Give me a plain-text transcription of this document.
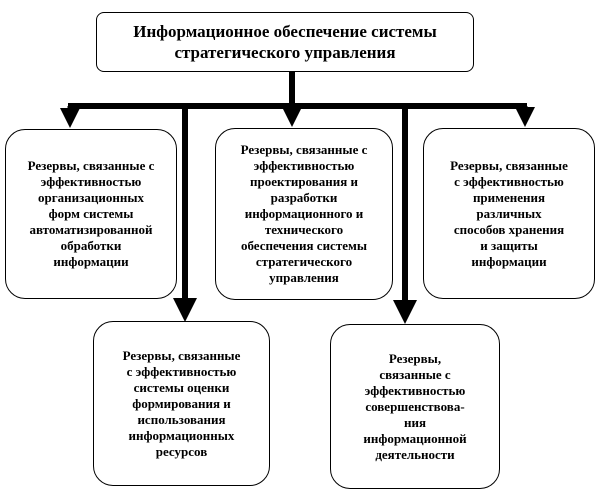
Информационное обеспечение системы
стратегического управления
Резервы, связанные с
эффективностью
организационных
форм системы
автоматизированной
обработки
информации
Резервы, связанные с
эффективностью
проектирования и
разработки
информационного и
технического
обеспечения системы
стратегического
управления
Резервы, связанные
с эффективностью
применения
различных
способов хранения
и защиты
информации
Резервы, связанные
с эффективностью
системы оценки
формирования и
использования
информационных
ресурсов
Резервы,
связанные с
эффективностью
совершенствова-
ния
информационной
деятельности
